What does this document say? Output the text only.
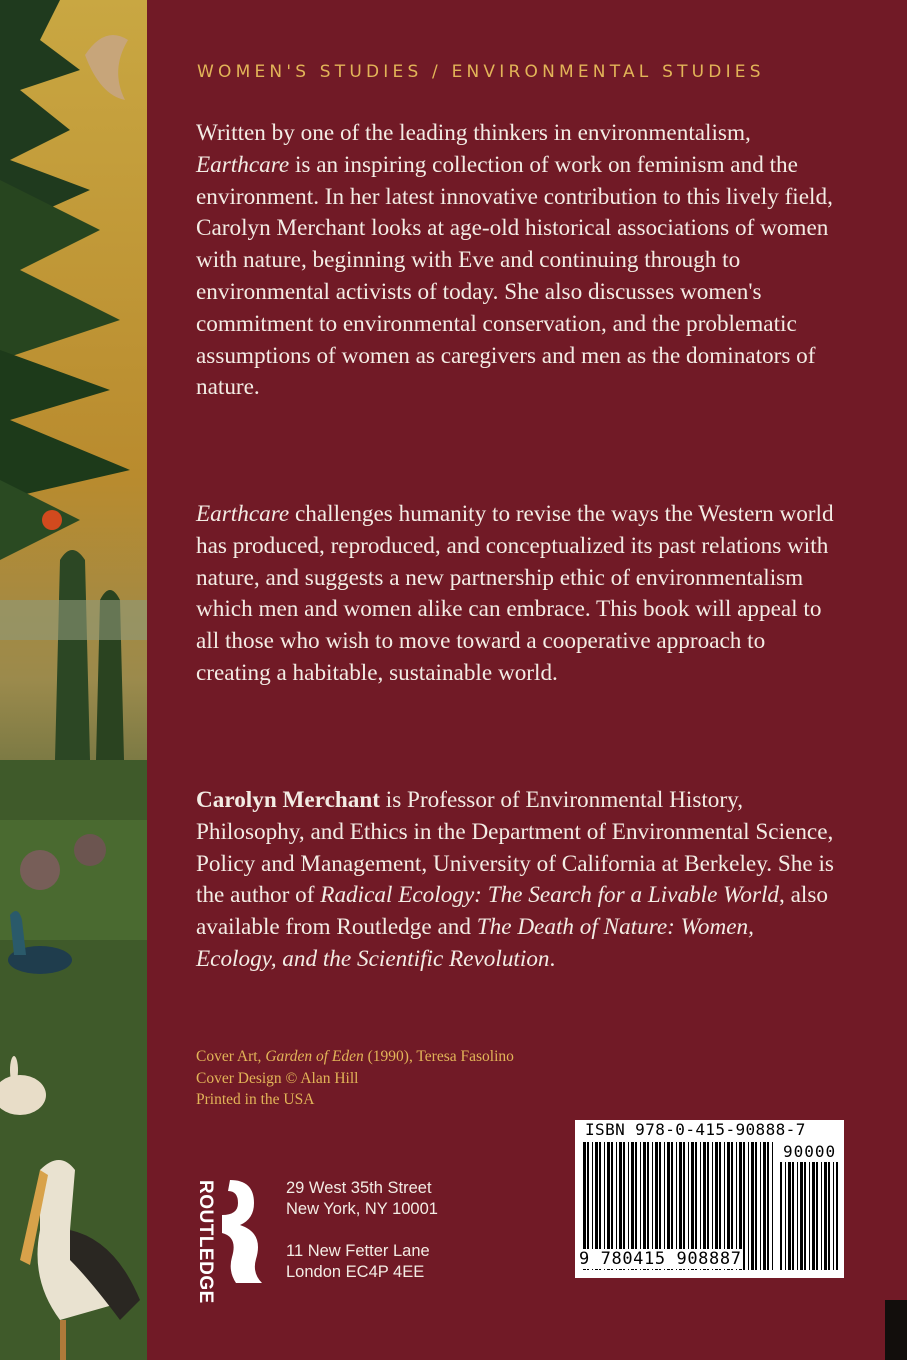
WOMEN'S STUDIES / ENVIRONMENTAL STUDIES
Written by one of the leading thinkers in environmentalism, Earthcare is an inspiring collection of work on feminism and the environment. In her latest innovative contribution to this lively field, Carolyn Merchant looks at age-old historical associations of women with nature, beginning with Eve and continuing through to environmental activists of today. She also discusses women's commitment to environmental conservation, and the problematic assumptions of women as caregivers and men as the dominators of nature.
Earthcare challenges humanity to revise the ways the Western world has produced, reproduced, and conceptualized its past relations with nature, and suggests a new partnership ethic of environmentalism which men and women alike can embrace. This book will appeal to all those who wish to move toward a cooperative approach to creating a habitable, sustainable world.
Carolyn Merchant is Professor of Environmental History, Philosophy, and Ethics in the Department of Environmental Science, Policy and Management, University of California at Berkeley. She is the author of Radical Ecology: The Search for a Livable World, also available from Routledge and The Death of Nature: Women, Ecology, and the Scientific Revolution.
Cover Art, Garden of Eden (1990), Teresa Fasolino
Cover Design © Alan Hill
Printed in the USA
ROUTLEDGE	29 West 35th Street
New York, NY 10001
11 New Fetter Lane
London EC4P 4EE
ISBN 978-0-415-90888-7
90000
9 780415 908887
